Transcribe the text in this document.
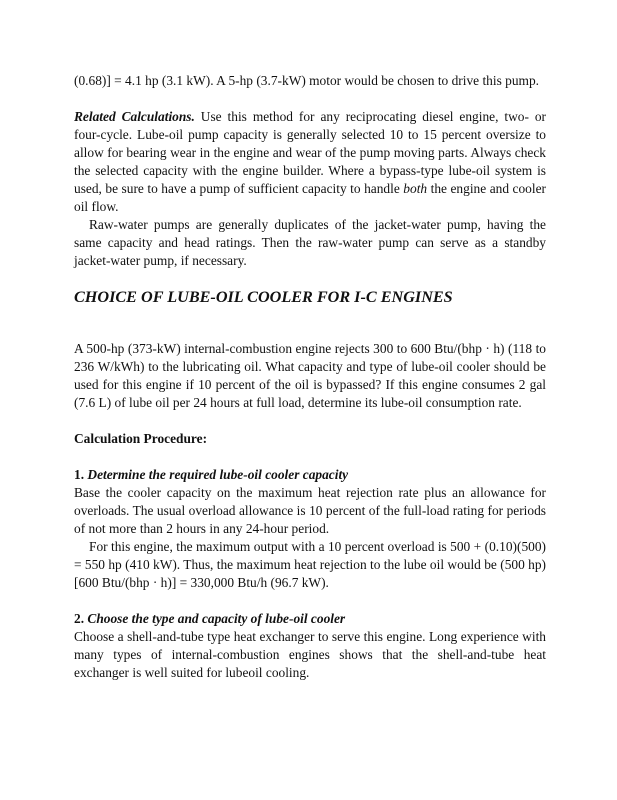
(0.68)] = 4.1 hp (3.1 kW). A 5-hp (3.7-kW) motor would be chosen to drive this pump.

Related Calculations. Use this method for any reciprocating diesel engine, two- or four-cycle. Lube-oil pump capacity is generally selected 10 to 15 percent oversize to allow for bearing wear in the engine and wear of the pump moving parts. Always check the selected capacity with the engine builder. Where a bypass-type lube-oil system is used, be sure to have a pump of sufficient capacity to handle both the engine and cooler oil flow.

Raw-water pumps are generally duplicates of the jacket-water pump, having the same capacity and head ratings. Then the raw-water pump can serve as a standby jacket-water pump, if necessary.

CHOICE OF LUBE-OIL COOLER FOR I-C ENGINES

A 500-hp (373-kW) internal-combustion engine rejects 300 to 600 Btu/(bhp · h) (118 to 236 W/kWh) to the lubricating oil. What capacity and type of lube-oil cooler should be used for this engine if 10 percent of the oil is bypassed? If this engine consumes 2 gal (7.6 L) of lube oil per 24 hours at full load, determine its lube-oil consumption rate.

Calculation Procedure:

1. Determine the required lube-oil cooler capacity

Base the cooler capacity on the maximum heat rejection rate plus an allowance for overloads. The usual overload allowance is 10 percent of the full-load rating for periods of not more than 2 hours in any 24-hour period.

For this engine, the maximum output with a 10 percent overload is 500 + (0.10)(500) = 550 hp (410 kW). Thus, the maximum heat rejection to the lube oil would be (500 hp)[600 Btu/(bhp · h)] = 330,000 Btu/h (96.7 kW).

2. Choose the type and capacity of lube-oil cooler

Choose a shell-and-tube type heat exchanger to serve this engine. Long experience with many types of internal-combustion engines shows that the shell-and-tube heat exchanger is well suited for lubeoil cooling.
